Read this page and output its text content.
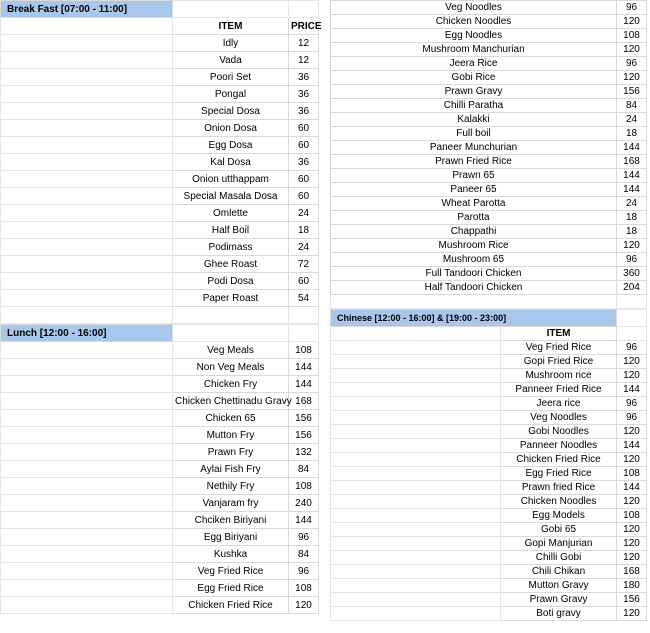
Break Fast [07:00 - 11:00]		
	ITEM	PRICE
	Idly	12
	Vada	12
	Poori Set	36
	Pongal	36
	Special Dosa	36
	Onion Dosa	60
	Egg Dosa	60
	Kal Dosa	36
	Onion utthappam	60
	Special Masala Dosa	60
	Omlette	24
	Half Boil	18
	Podimass	24
	Ghee Roast	72
	Podi Dosa	60
	Paper Roast	54

Lunch [12:00 - 16:00]		
	Veg Meals	108
	Non Veg Meals	144
	Chicken Fry	144
	Chicken Chettinadu Gravy	168
	Chicken 65	156
	Mutton Fry	156
	Prawn Fry	132
	Aylai Fish Fry	84
	Nethily Fry	108
	Vanjaram fry	240
	Chciken Biriyani	144
	Egg Biriyani	96
	Kushka	84
	Veg Fried Rice	96
	Egg Fried Rice	108
	Chicken Fried Rice	120
Veg Noodles	96
Chicken Noodles	120
Egg Noodles	108
Mushroom Manchurian	120
Jeera Rice	96
Gobi Rice	120
Prawn Gravy	156
Chilli Paratha	84
Kalakki	24
Full boil	18
Paneer Munchurian	144
Prawn Fried Rice	168
Prawn 65	144
Paneer 65	144
Wheat Parotta	24
Parotta	18
Chappathi	18
Mushroom Rice	120
Mushroom 65	96
Full Tandoori Chicken	360
Half Tandoori Chicken	204

Chinese [12:00 - 16:00] & [19:00 - 23:00]		
	ITEM	
	Veg Fried Rice	96
	Gopi Fried Rice	120
	Mushroom rice	120
	Panneer Fried Rice	144
	Jeera rice	96
	Veg Noodles	96
	Gobi Noodles	120
	Panneer Noodles	144
	Chicken Fried Rice	120
	Egg Fried Rice	108
	Prawn fried Rice	144
	Chicken Noodles	120
	Egg Models	108
	Gobi 65	120
	Gopi Manjurian	120
	Chilli Gobi	120
	Chili Chikan	168
	Mutton Gravy	180
	Prawn Gravy	156
	Boti gravy	120
